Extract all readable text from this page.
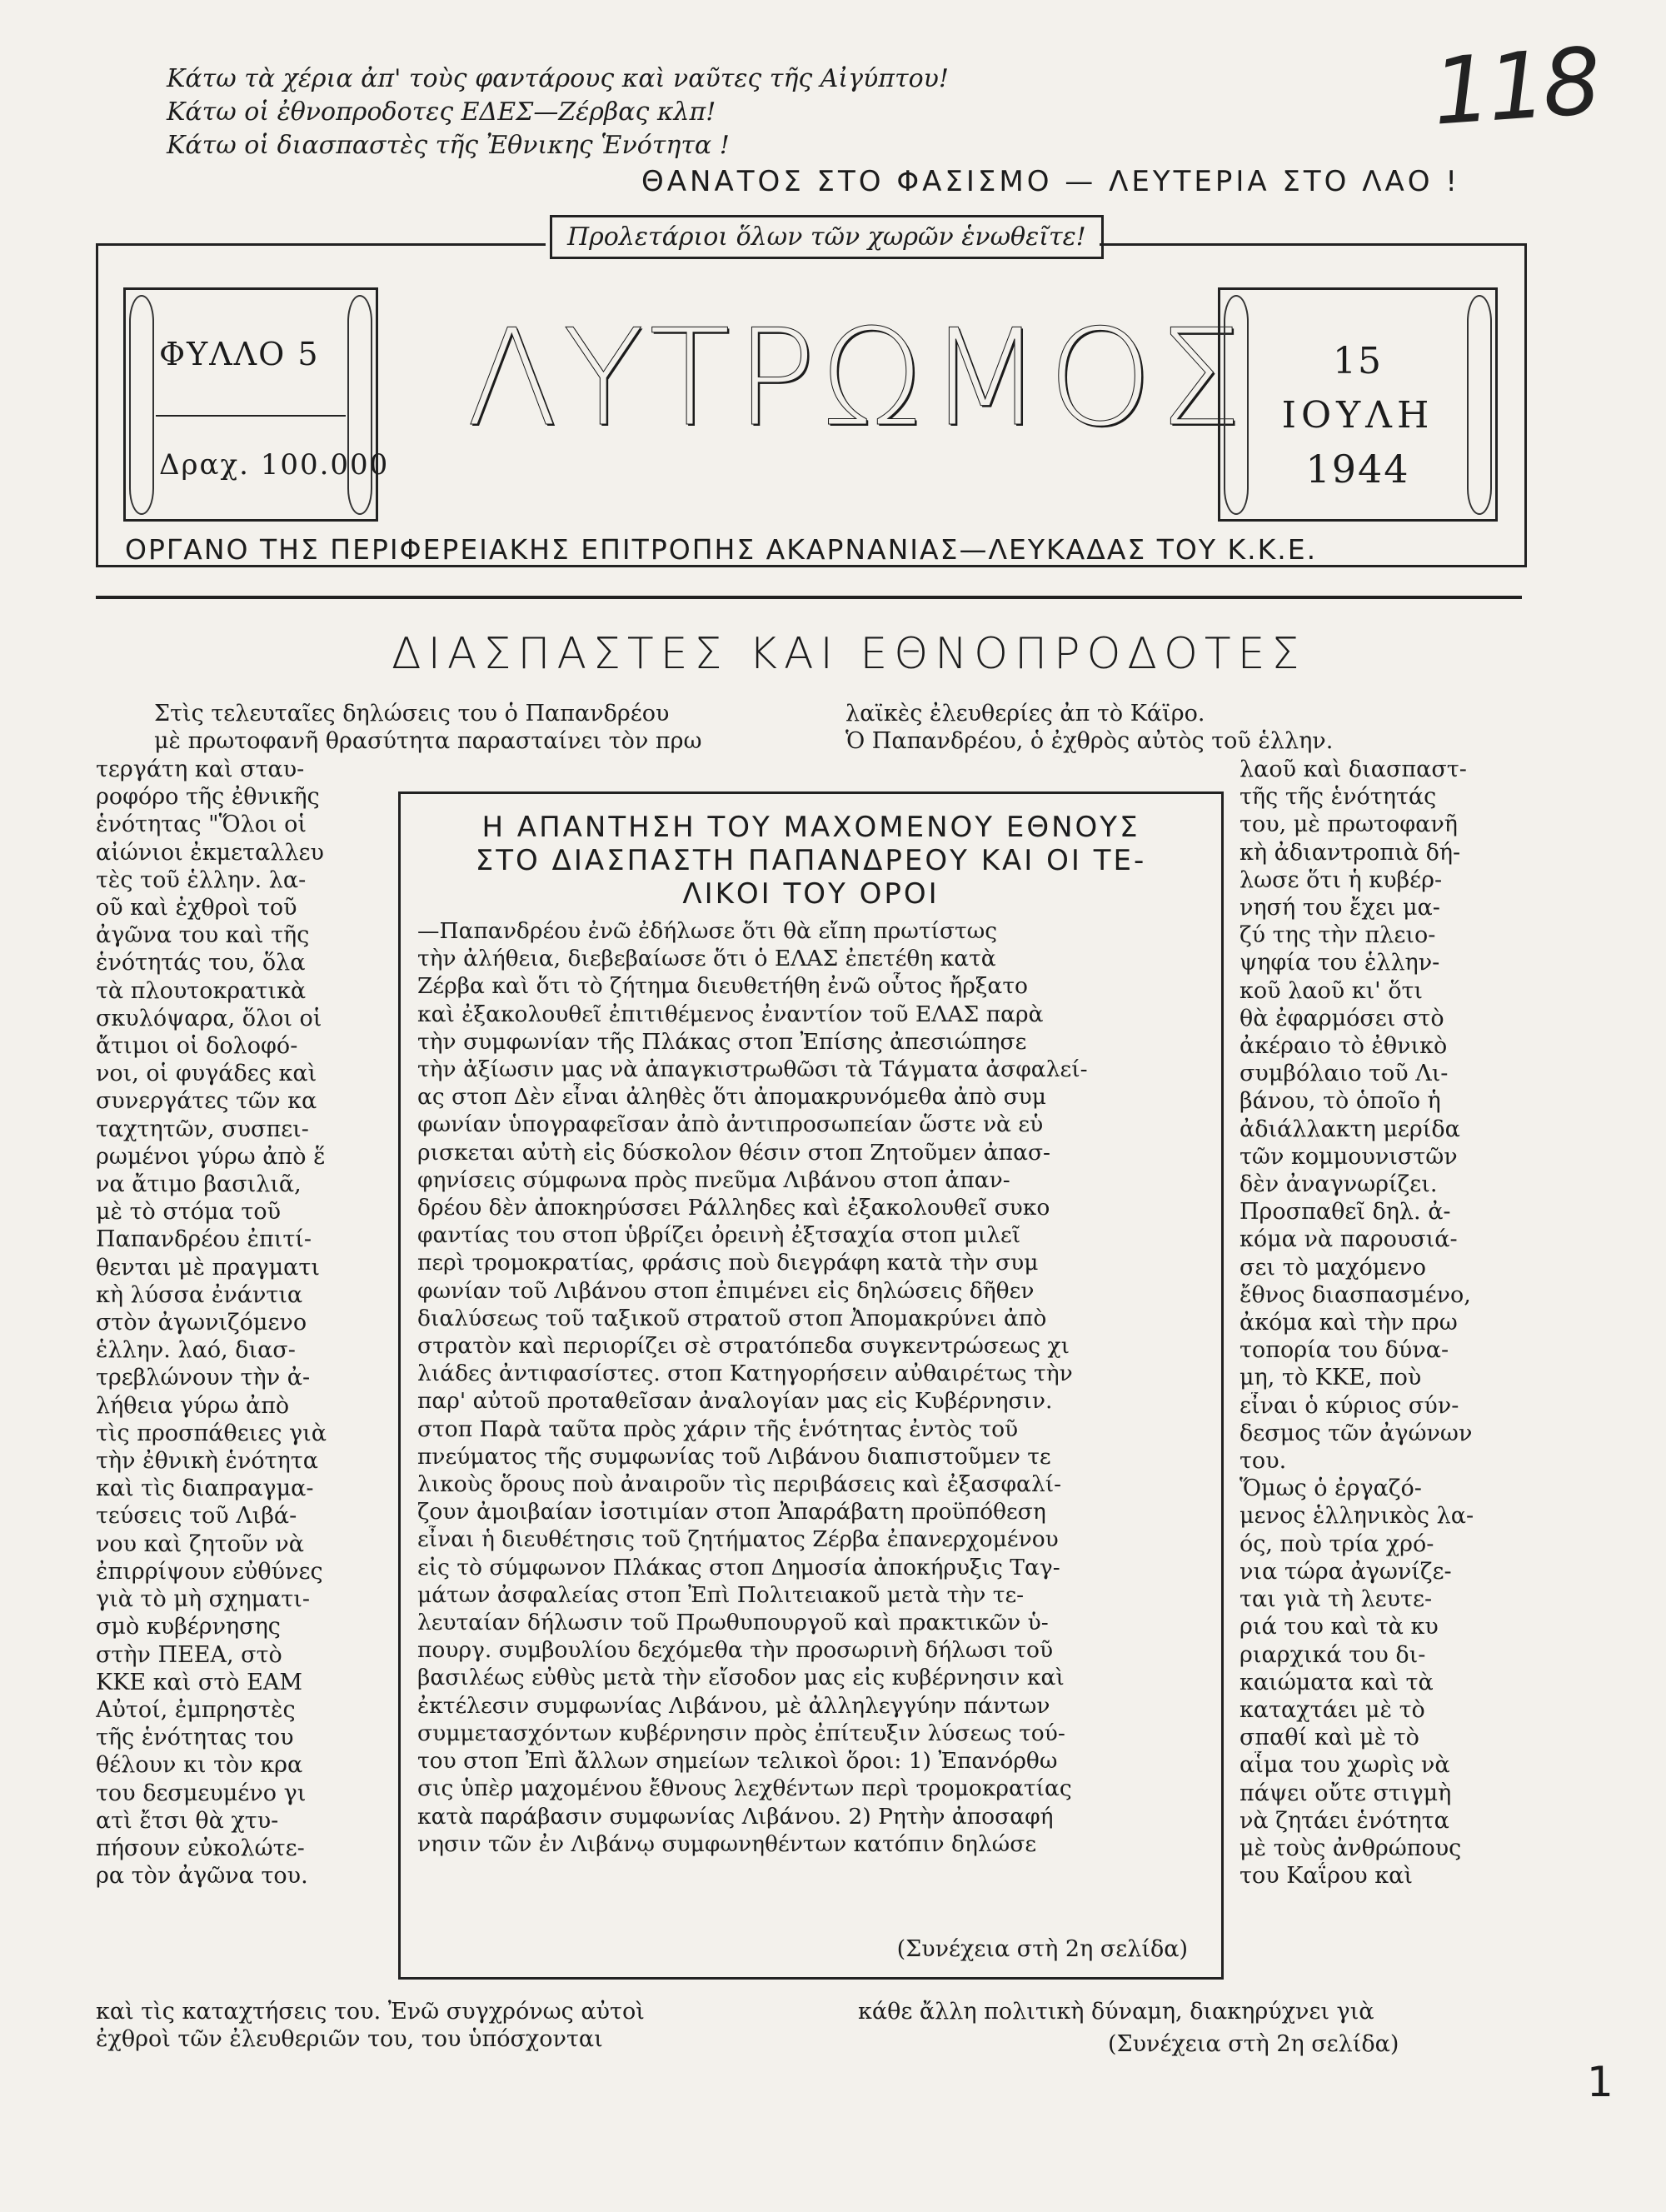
Κάτω τὰ χέρια ἀπ' τοὺς φαντάρους καὶ ναῦτες τῆς Αἰγύπτου!
Κάτω οἱ ἐθνοπροδοτες ΕΔΕΣ—Ζέρβας κλπ!
Κάτω οἱ διασπαστὲς τῆς Ἐθνικης Ἑνότητα !
ΘΑΝΑΤΟΣ ΣΤΟ ΦΑΣΙΣΜΟ — ΛΕΥΤΕΡΙΑ ΣΤΟ ΛΑΟ !
118
Προλετάριοι ὅλων τῶν χωρῶν ἑνωθεῖτε!
ΦΥΛΛΟ 5
Δραχ. 100.000
ΛΥΤΡΩΜΟΣ	15
ΙΟΥΛΗ
1944
ΟΡΓΑΝΟ ΤΗΣ ΠΕΡΙΦΕΡΕΙΑΚΗΣ ΕΠΙΤΡΟΠΗΣ ΑΚΑΡΝΑΝΙΑΣ—ΛΕΥΚΑΔΑΣ ΤΟΥ Κ.Κ.Ε.
ΔΙΑΣΠΑΣΤΕΣ ΚΑΙ ΕΘΝΟΠΡΟΔΟΤΕΣ
Στὶς τελευταῖες δηλώσεις του ὁ Παπανδρέου
μὲ πρωτοφανῆ θρασύτητα παρασταίνει τὸν πρω
λαϊκὲς ἐλευθερίες ἀπ τὸ Κάϊρο.
Ὁ Παπανδρέου, ὁ ἐχθρὸς αὐτὸς τοῦ ἑλλην.
τεργάτη καὶ σταυ-
ροφόρο τῆς ἐθνικῆς
ἑνότητας "Ὅλοι οἱ
αἰώνιοι ἐκμεταλλευ
τὲς τοῦ ἑλλην. λα-
οῦ καὶ ἐχθροὶ τοῦ
ἀγῶνα του καὶ τῆς
ἑνότητάς του, ὅλα
τὰ πλουτοκρατικὰ
σκυλόψαρα, ὅλοι οἱ
ἄτιμοι οἱ δολοφό-
νοι, οἱ φυγάδες καὶ
συνεργάτες τῶν κα
ταχτητῶν, συσπει-
ρωμένοι γύρω ἀπὸ ἕ
να ἄτιμο βασιλιᾶ,
μὲ τὸ στόμα τοῦ
Παπανδρέου ἐπιτί-
θενται μὲ πραγματι
κὴ λύσσα ἐνάντια
στὸν ἀγωνιζόμενο
ἑλλην. λαό, διασ-
τρεβλώνουν τὴν ἀ-
λήθεια γύρω ἀπὸ
τὶς προσπάθειες γιὰ
τὴν ἐθνικὴ ἑνότητα
καὶ τὶς διαπραγμα-
τεύσεις τοῦ Λιβά-
νου καὶ ζητοῦν νὰ
ἐπιρρίψουν εὐθύνες
γιὰ τὸ μὴ σχηματι-
σμὸ κυβέρνησης
στὴν ΠΕΕΑ, στὸ
ΚΚΕ καὶ στὸ ΕΑΜ
Αὐτοί, ἐμπρηστὲς
τῆς ἑνότητας του
θέλουν κι τὸν κρα
του δεσμευμένο γι
ατὶ ἔτσι θὰ χτυ-
πήσουν εὐκολώτε-
ρα τὸν ἀγῶνα του.
λαοῦ καὶ διασπαστ-
τῆς τῆς ἑνότητάς
του, μὲ πρωτοφανῆ
κὴ ἀδιαντροπιὰ δή-
λωσε ὅτι ἡ κυβέρ-
νησή του ἔχει μα-
ζύ της τὴν πλειο-
ψηφία του ἑλλην-
κοῦ λαοῦ κι' ὅτι
θὰ ἐφαρμόσει στὸ
ἀκέραιο τὸ ἐθνικὸ
συμβόλαιο τοῦ Λι-
βάνου, τὸ ὁποῖο ἡ
ἀδιάλλακτη μερίδα
τῶν κομμουνιστῶν
δὲν ἀναγνωρίζει.
Προσπαθεῖ δηλ. ἀ-
κόμα νὰ παρουσιά-
σει τὸ μαχόμενο
ἔθνος διασπασμένο,
ἀκόμα καὶ τὴν πρω
τοπορία του δύνα-
μη, τὸ ΚΚΕ, ποὺ
εἶναι ὁ κύριος σύν-
δεσμος τῶν ἀγώνων
του.
Ὅμως ὁ ἐργαζό-
μενος ἑλληνικὸς λα-
ός, ποὺ τρία χρό-
νια τώρα ἀγωνίζε-
ται γιὰ τὴ λευτε-
ριά του καὶ τὰ κυ
ριαρχικά του δι-
καιώματα καὶ τὰ
καταχτάει μὲ τὸ
σπαθί καὶ μὲ τὸ
αἷμα του χωρὶς νὰ
πάψει οὔτε στιγμὴ
νὰ ζητάει ἑνότητα
μὲ τοὺς ἀνθρώπους
του Καΐρου καὶ
Η ΑΠΑΝΤΗΣΗ ΤΟΥ ΜΑΧΟΜΕΝΟΥ ΕΘΝΟΥΣ
ΣΤΟ ΔΙΑΣΠΑΣΤΗ ΠΑΠΑΝΔΡΕΟΥ ΚΑΙ ΟΙ ΤΕ-
ΛΙΚΟΙ ΤΟΥ ΟΡΟΙ
—Παπανδρέου ἐνῶ ἐδήλωσε ὅτι θὰ εἴπη πρωτίστως
τὴν ἀλήθεια, διεβεβαίωσε ὅτι ὁ ΕΛΑΣ ἐπετέθη κατὰ
Ζέρβα καὶ ὅτι τὸ ζήτημα διευθετήθη ἐνῶ οὗτος ἤρξατο
καὶ ἐξακολουθεῖ ἐπιτιθέμενος ἐναντίον τοῦ ΕΛΑΣ παρὰ
τὴν συμφωνίαν τῆς Πλάκας στοπ Ἐπίσης ἀπεσιώπησε
τὴν ἀξίωσιν μας νὰ ἀπαγκιστρωθῶσι τὰ Τάγματα ἀσφαλεί-
ας στοπ Δὲν εἶναι ἀληθὲς ὅτι ἀπομακρυνόμεθα ἀπὸ συμ
φωνίαν ὑπογραφεῖσαν ἀπὸ ἀντιπροσωπείαν ὥστε νὰ εὑ
ρισκεται αὐτὴ εἰς δύσκολον θέσιν στοπ Ζητοῦμεν ἀπασ-
φηνίσεις σύμφωνα πρὸς πνεῦμα Λιβάνου στοπ ἀπαν-
δρέου δὲν ἀποκηρύσσει Ράλληδες καὶ ἐξακολουθεῖ συκο
φαντίας του στοπ ὑβρίζει ὀρεινὴ ἐξτσαχία στοπ μιλεῖ
περὶ τρομοκρατίας, φράσις ποὺ διεγράφη κατὰ τὴν συμ
φωνίαν τοῦ Λιβάνου στοπ ἐπιμένει εἰς δηλώσεις δῆθεν
διαλύσεως τοῦ ταξικοῦ στρατοῦ στοπ Ἀπομακρύνει ἀπὸ
στρατὸν καὶ περιορίζει σὲ στρατόπεδα συγκεντρώσεως χι
λιάδες ἀντιφασίστες. στοπ Κατηγορήσειν αὐθαιρέτως τὴν
παρ' αὐτοῦ προταθεῖσαν ἀναλογίαν μας εἰς Κυβέρνησιν.
στοπ Παρὰ ταῦτα πρὸς χάριν τῆς ἑνότητας ἐντὸς τοῦ
πνεύματος τῆς συμφωνίας τοῦ Λιβάνου διαπιστοῦμεν τε
λικοὺς ὅρους ποὺ ἀναιροῦν τὶς περιβάσεις καὶ ἐξασφαλί-
ζουν ἀμοιβαίαν ἰσοτιμίαν στοπ Ἀπαράβατη προϋπόθεση
εἶναι ἡ διευθέτησις τοῦ ζητήματος Ζέρβα ἐπανερχομένου
εἰς τὸ σύμφωνον Πλάκας στοπ Δημοσία ἀποκήρυξις Ταγ-
μάτων ἀσφαλείας στοπ Ἐπὶ Πολιτειακοῦ μετὰ τὴν τε-
λευταίαν δήλωσιν τοῦ Πρωθυπουργοῦ καὶ πρακτικῶν ὑ-
πουργ. συμβουλίου δεχόμεθα τὴν προσωρινὴ δήλωσι τοῦ
βασιλέως εὐθὺς μετὰ τὴν εἴσοδον μας εἰς κυβέρνησιν καὶ
ἐκτέλεσιν συμφωνίας Λιβάνου, μὲ ἀλληλεγγύην πάντων
συμμετασχόντων κυβέρνησιν πρὸς ἐπίτευξιν λύσεως τού-
του στοπ Ἐπὶ ἄλλων σημείων τελικοὶ ὅροι: 1) Ἐπανόρθω
σις ὑπὲρ μαχομένου ἔθνους λεχθέντων περὶ τρομοκρατίας
κατὰ παράβασιν συμφωνίας Λιβάνου. 2) Ρητὴν ἀποσαφή
νησιν τῶν ἐν Λιβάνῳ συμφωνηθέντων κατόπιν δηλώσε
(Συνέχεια στὴ 2η σελίδα)
καὶ τὶς καταχτήσεις του. Ἐνῶ συγχρόνως αὐτοὶ
ἐχθροὶ τῶν ἐλευθεριῶν του, του ὑπόσχονται
κάθε ἄλλη πολιτικὴ δύναμη, διακηρύχνει γιὰ
(Συνέχεια στὴ 2η σελίδα)
1
